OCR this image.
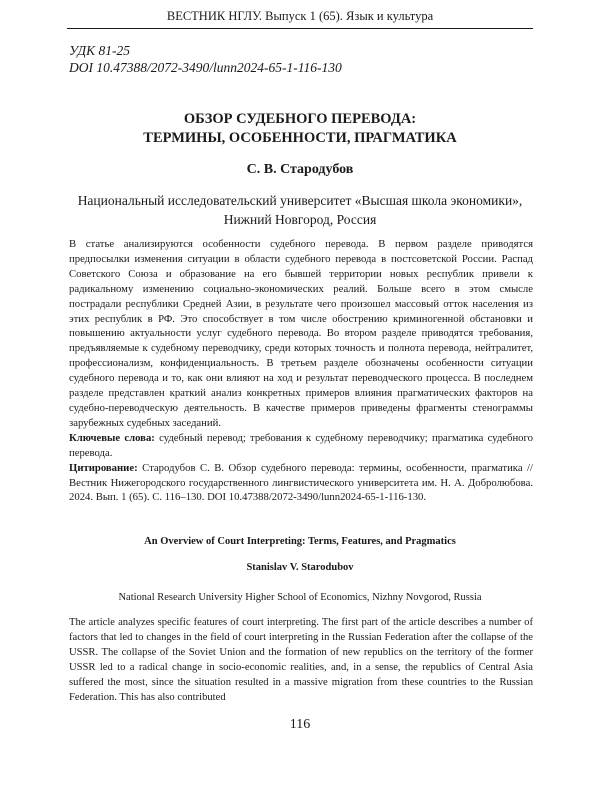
ВЕСТНИК НГЛУ. Выпуск 1 (65). Язык и культура
УДК 81-25
DOI 10.47388/2072-3490/lunn2024-65-1-116-130
ОБЗОР СУДЕБНОГО ПЕРЕВОДА:
ТЕРМИНЫ, ОСОБЕННОСТИ, ПРАГМАТИКА
С. В. Стародубов
Национальный исследовательский университет «Высшая школа экономики»,
Нижний Новгород, Россия

В статье анализируются особенности судебного перевода. В первом разделе приводятся предпосылки изменения ситуации в области судебного перевода в постсоветской России. Распад Советского Союза и образование на его бывшей территории новых республик привели к радикальному изменению социально-экономических реалий. Больше всего в этом смысле пострадали республики Средней Азии, в результате чего произошел массовый отток населения из этих республик в РФ. Это способствует в том числе обострению криминогенной обстановки и повышению актуальности услуг судебного перевода. Во втором разделе приводятся требования, предъявляемые к судебному переводчику, среди которых точность и полнота перевода, нейтралитет, профессионализм, конфиденциальность. В третьем разделе обозначены особенности ситуации судебного перевода и то, как они влияют на ход и результат переводческого процесса. В последнем разделе представлен краткий анализ конкретных примеров влияния прагматических факторов на судебно-переводческую деятельность. В качестве примеров приведены фрагменты стенограммы зарубежных судебных заседаний.

Ключевые слова: судебный перевод; требования к судебному переводчику; прагматика судебного перевода.

Цитирование: Стародубов С. В. Обзор судебного перевода: термины, особенности, прагматика // Вестник Нижегородского государственного лингвистического университета им. Н. А. Добролюбова. 2024. Вып. 1 (65). С. 116–130. DOI 10.47388/2072-3490/lunn2024-65-1-116-130.

An Overview of Court Interpreting: Terms, Features, and Pragmatics
Stanislav V. Starodubov
National Research University Higher School of Economics, Nizhny Novgorod, Russia

The article analyzes specific features of court interpreting. The first part of the article describes a number of factors that led to changes in the field of court interpreting in the Russian Federation after the collapse of the USSR. The collapse of the Soviet Union and the formation of new republics on the territory of the former USSR led to a radical change in socio-economic realities, and, in a sense, the republics of Central Asia suffered the most, since the situation resulted in a massive migration from these countries to the Russian Federation. This has also contributed

116
